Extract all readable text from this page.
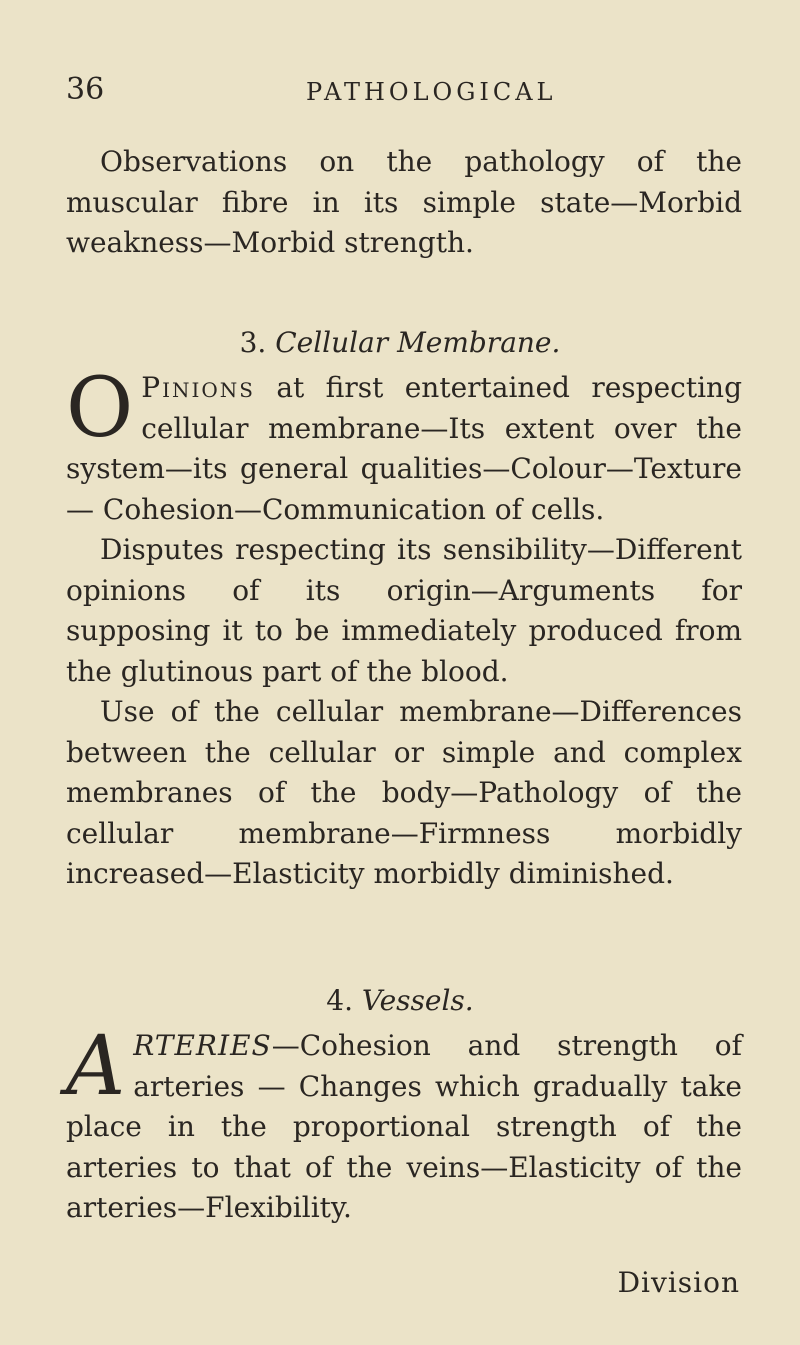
36	PATHOLOGICAL

Observations on the pathology of the muscular fibre in its simple state—Morbid weakness—Morbid strength.

3. Cellular Membrane.

O Pinions at first entertained respecting cellular membrane—Its extent over the system—its general qualities—Colour—Texture — Cohesion—Communication of cells.

Disputes respecting its sensibility—Different opinions of its origin—Arguments for supposing it to be immediately produced from the glutinous part of the blood.

Use of the cellular membrane—Differences between the cellular or simple and complex membranes of the body—Pathology of the cellular membrane—Firmness morbidly increased—Elasticity morbidly diminished.

4. Vessels.

A RTERIES—Cohesion and strength of arteries — Changes which gradually take place in the proportional strength of the arteries to that of the veins—Elasticity of the arteries—Flexibility.

Division
